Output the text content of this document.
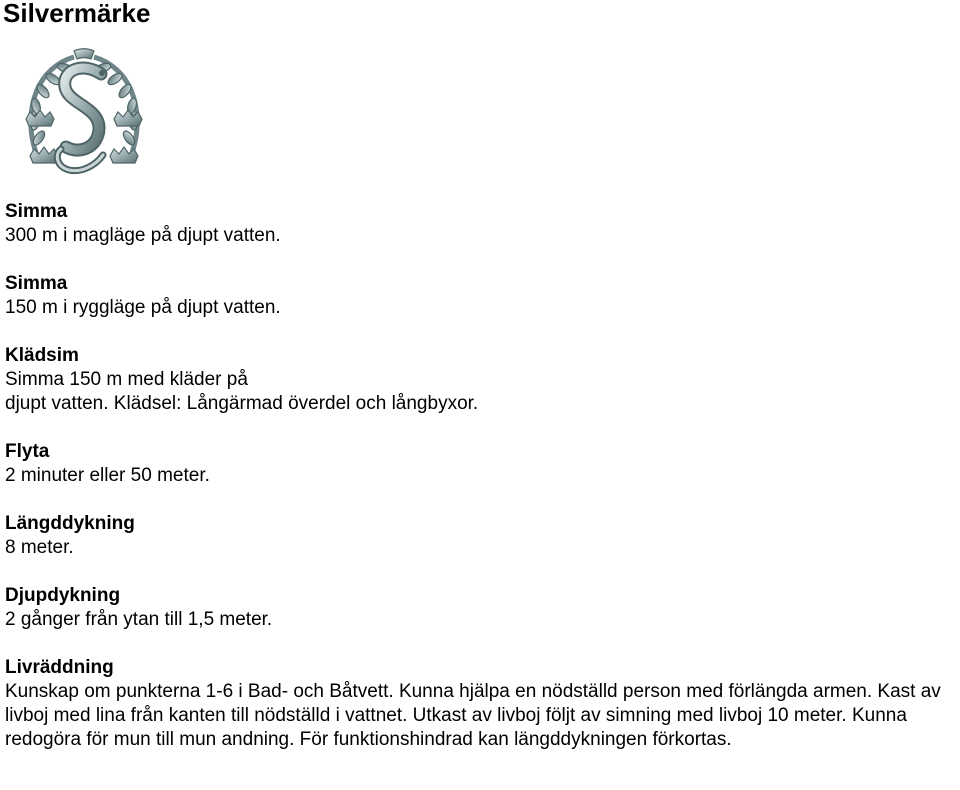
Silvermärke
Simma
300 m i magläge på djupt vatten.
Simma
150 m i ryggläge på djupt vatten.
Klädsim
Simma 150 m med kläder på
djupt vatten. Klädsel: Långärmad överdel och långbyxor.
Flyta
2 minuter eller 50 meter.
Längddykning
8 meter.
Djupdykning
2 gånger från ytan till 1,5 meter.
Livräddning
Kunskap om punkterna 1-6 i Bad- och Båtvett. Kunna hjälpa en nödställd person med förlängda armen. Kast av livboj med lina från kanten till nödställd i vattnet. Utkast av livboj följt av simning med livboj 10 meter. Kunna redogöra för mun till mun andning. För funktionshindrad kan längddykningen förkortas.
